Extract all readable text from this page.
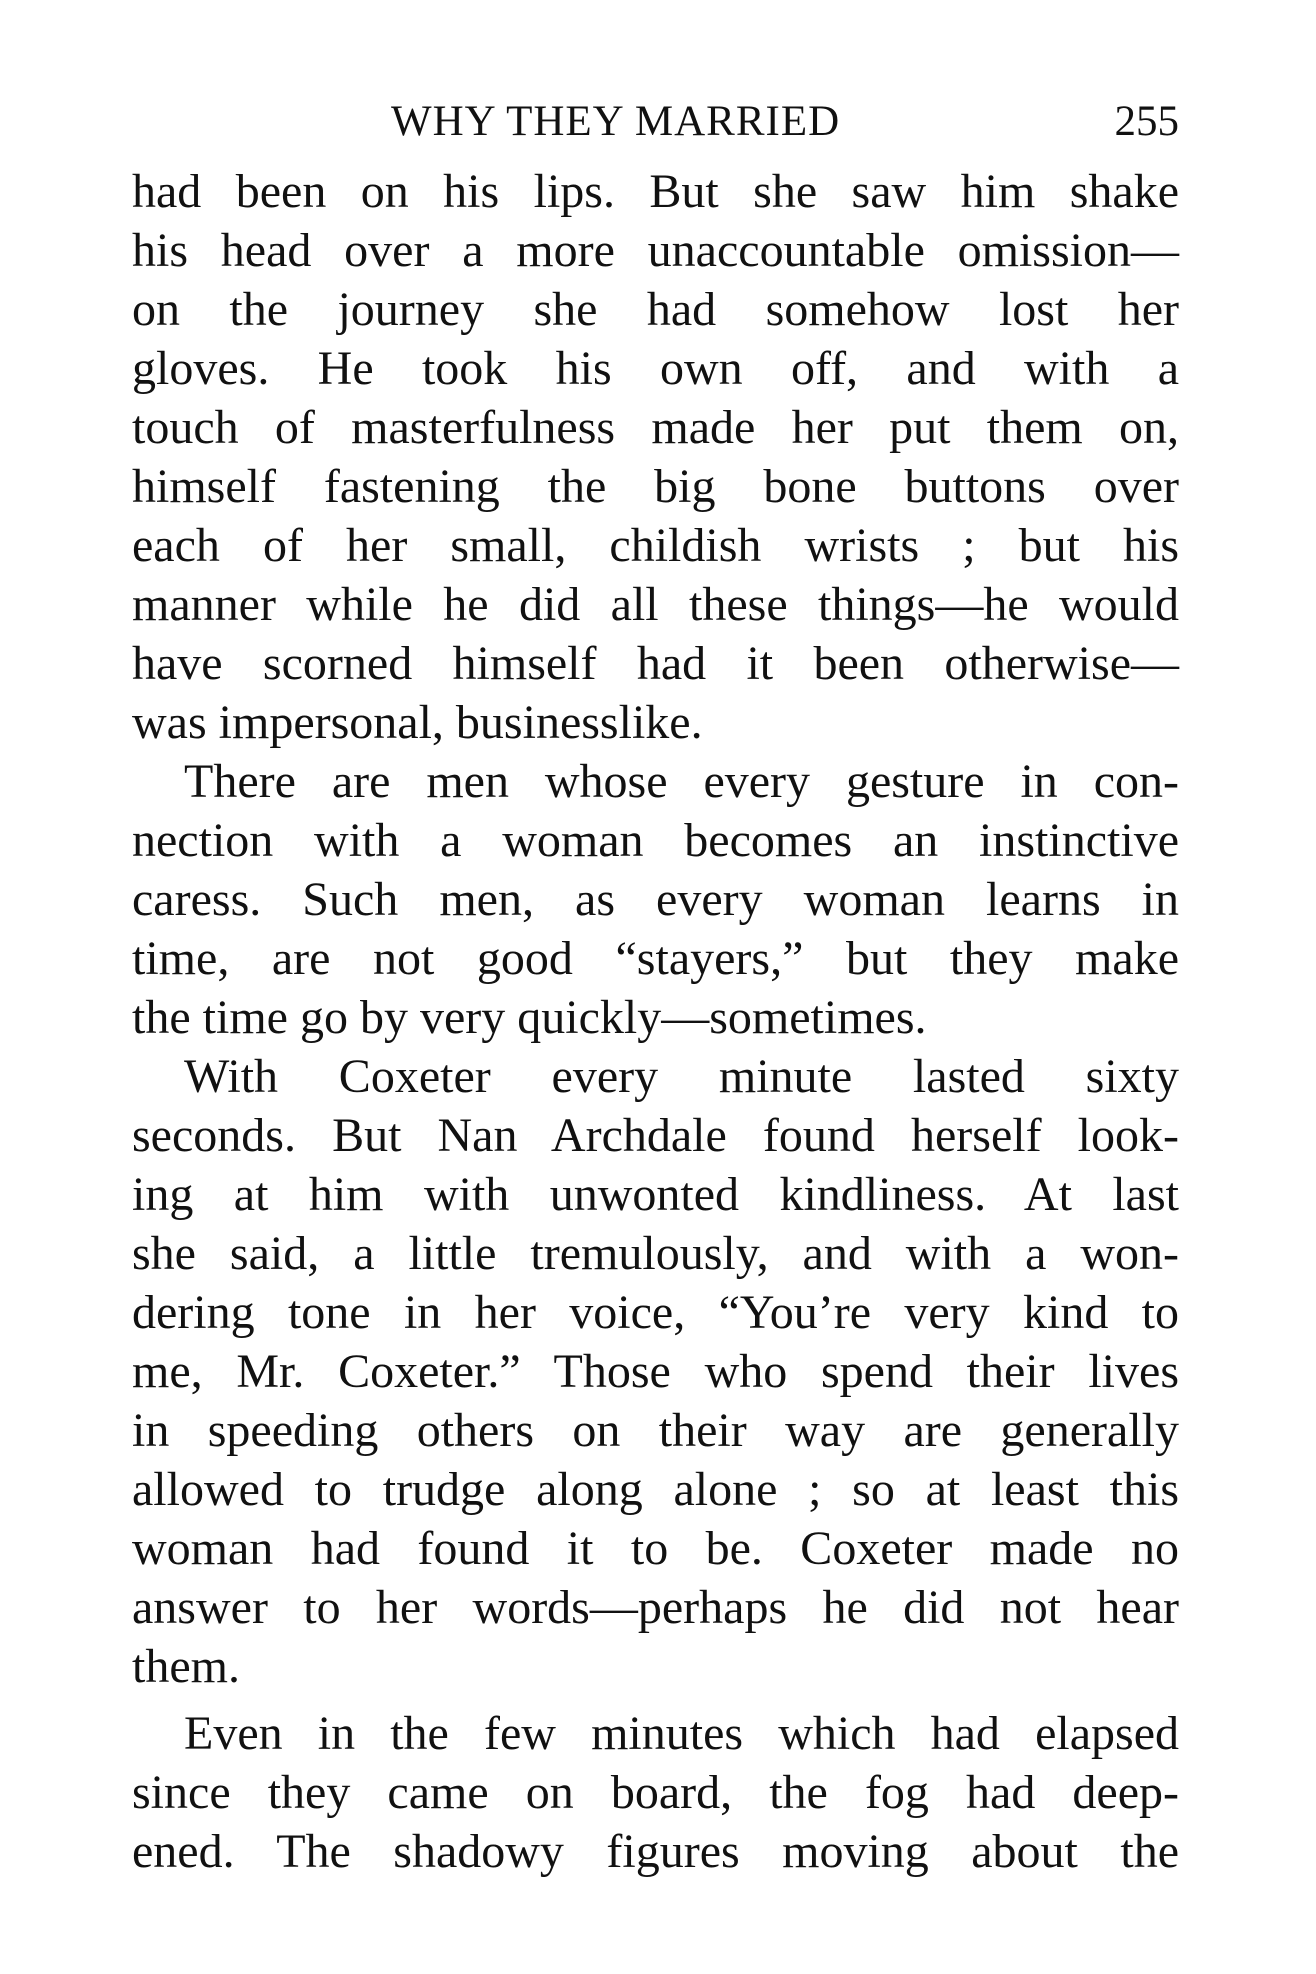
WHY THEY MARRIED	255

had been on his lips. But she saw him shake
his head over a more unaccountable omission—
on the journey she had somehow lost her
gloves. He took his own off, and with a
touch of masterfulness made her put them on,
himself fastening the big bone buttons over
each of her small, childish wrists ; but his
manner while he did all these things—he would
have scorned himself had it been otherwise—
was impersonal, businesslike.

There are men whose every gesture in con-
nection with a woman becomes an instinctive
caress. Such men, as every woman learns in
time, are not good “stayers,” but they make
the time go by very quickly—sometimes.

With Coxeter every minute lasted sixty
seconds. But Nan Archdale found herself look-
ing at him with unwonted kindliness. At last
she said, a little tremulously, and with a won-
dering tone in her voice, “You’re very kind to
me, Mr. Coxeter.” Those who spend their lives
in speeding others on their way are generally
allowed to trudge along alone ; so at least this
woman had found it to be. Coxeter made no
answer to her words—perhaps he did not hear
them.

Even in the few minutes which had elapsed
since they came on board, the fog had deep-
ened. The shadowy figures moving about the
